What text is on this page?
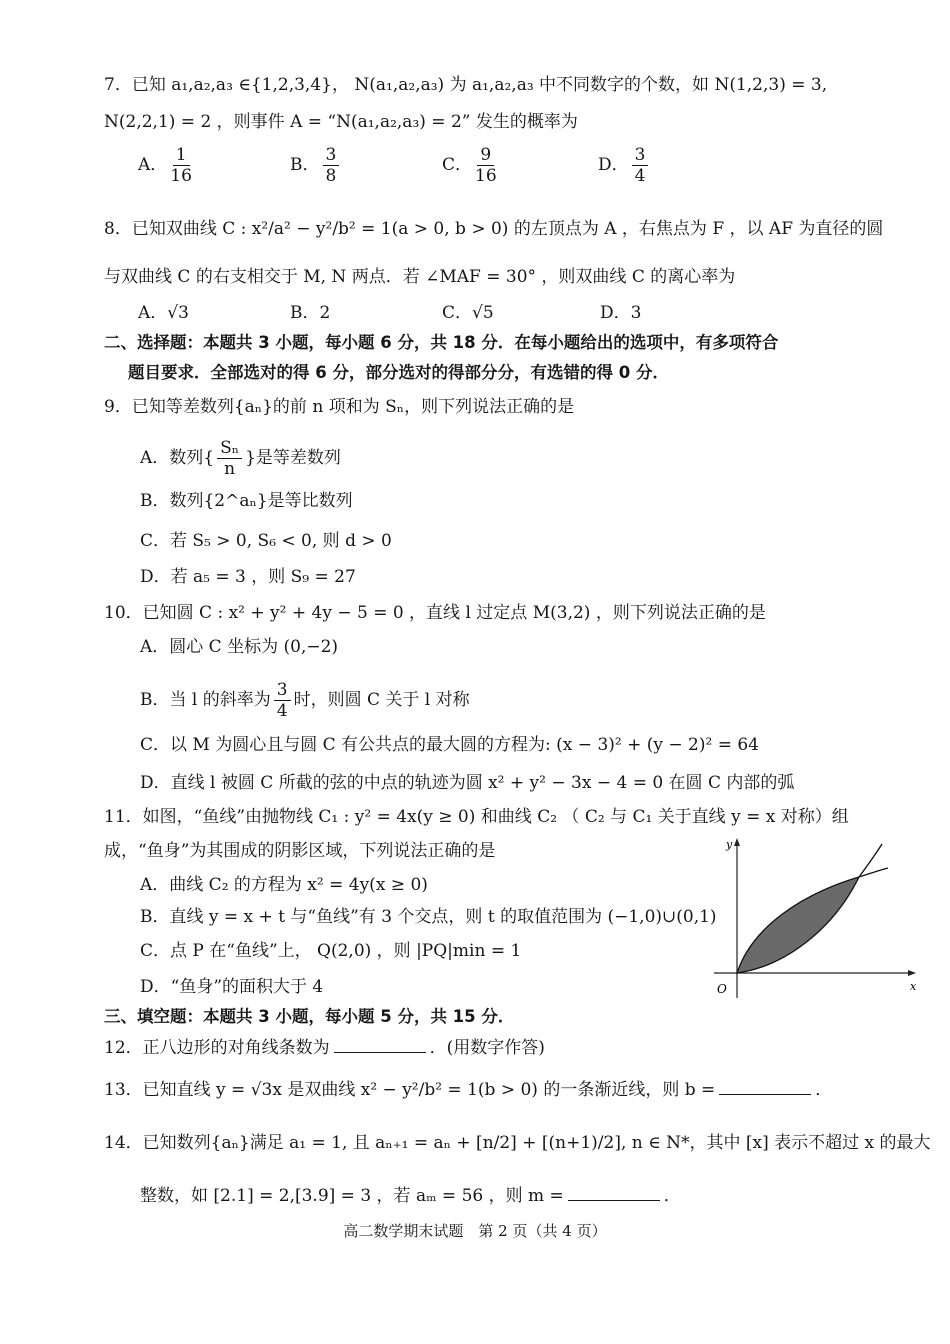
7．已知 a₁,a₂,a₃ ∈{1,2,3,4}， N(a₁,a₂,a₃) 为 a₁,a₂,a₃ 中不同数字的个数，如 N(1,2,3) = 3,
N(2,2,1) = 2 ，则事件 A = “N(a₁,a₂,a₃) = 2” 发生的概率为
A． $\frac{1}{16}$	B． $\frac{3}{8}$	C． $\frac{9}{16}$	D． $\frac{3}{4}$
8．已知双曲线 C : x²/a² − y²/b² = 1(a > 0, b > 0) 的左顶点为 A ，右焦点为 F ，以 AF 为直径的圆
与双曲线 C 的右支相交于 M, N 两点．若 ∠MAF = 30° ，则双曲线 C 的离心率为
A．√3	B．2	C．√5	D．3
二、选择题：本题共 3 小题，每小题 6 分，共 18 分．在每小题给出的选项中，有多项符合
题目要求．全部选对的得 6 分，部分选对的得部分分，有选错的得 0 分．
9．已知等差数列{aₙ}的前 n 项和为 Sₙ，则下列说法正确的是
A．数列{ $\frac{\text{Sₙ}}{n}$ }是等差数列
B．数列{2^aₙ}是等比数列
C．若 S₅ > 0, S₆ < 0, 则 d > 0
D．若 a₅ = 3 ，则 S₉ = 27
10．已知圆 C : x² + y² + 4y − 5 = 0 ，直线 l 过定点 M(3,2) ，则下列说法正确的是
A．圆心 C 坐标为 (0,−2)
B．当 l 的斜率为 $\frac{3}{4}$ 时，则圆 C 关于 l 对称
C．以 M 为圆心且与圆 C 有公共点的最大圆的方程为: (x − 3)² + (y − 2)² = 64
D．直线 l 被圆 C 所截的弦的中点的轨迹为圆 x² + y² − 3x − 4 = 0 在圆 C 内部的弧
11．如图，“鱼线”由抛物线 C₁ : y² = 4x(y ≥ 0) 和曲线 C₂ （ C₂ 与 C₁ 关于直线 y = x 对称）组
成，“鱼身”为其围成的阴影区域，下列说法正确的是
A．曲线 C₂ 的方程为 x² = 4y(x ≥ 0)
B．直线 y = x + t 与“鱼线”有 3 个交点，则 t 的取值范围为 (−1,0)∪(0,1)
C．点 P 在“鱼线”上， Q(2,0) ，则 |PQ|min = 1
D．“鱼身”的面积大于 4
y
x
O
三、填空题：本题共 3 小题，每小题 5 分，共 15 分．
12．正八边形的对角线条数为	．(用数字作答)
13．已知直线 y = √3x 是双曲线 x² − y²/b² = 1(b > 0) 的一条渐近线，则 b =	．
14．已知数列{aₙ}满足 a₁ = 1, 且 aₙ₊₁ = aₙ + [n/2] + [(n+1)/2], n ∈ N*，其中 [x] 表示不超过 x 的最大
整数，如 [2.1] = 2,[3.9] = 3 ，若 aₘ = 56 ，则 m =	．
高二数学期末试题　第 2 页（共 4 页）
